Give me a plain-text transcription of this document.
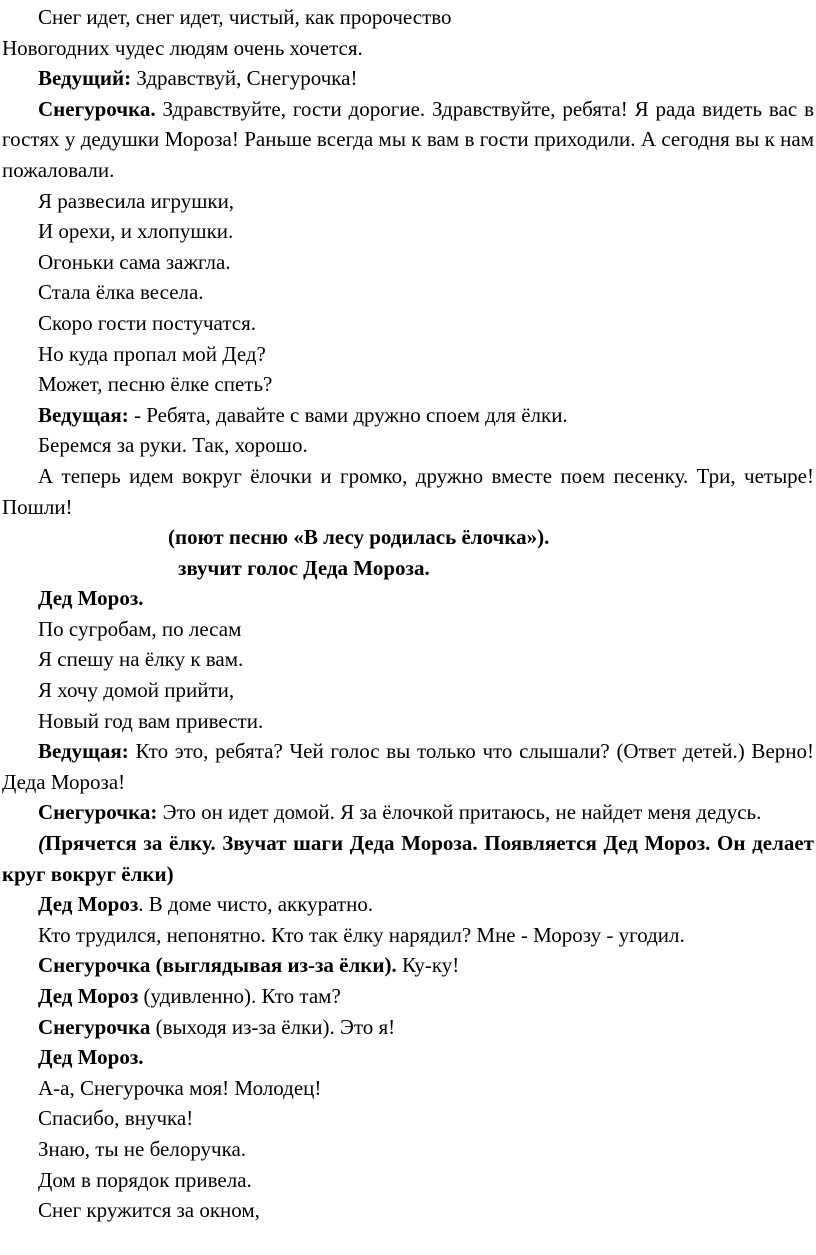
Снег идет, снег идет, чистый, как пророчество

Новогодних чудес людям очень хочется.

Ведущий: Здравствуй, Снегурочка!

Снегурочка. Здравствуйте, гости дорогие. Здравствуйте, ребята! Я рада видеть вас в гостях у дедушки Мороза! Раньше всегда мы к вам в гости приходили. А сегодня вы к нам пожаловали.

Я развесила игрушки,

И орехи, и хлопушки.

Огоньки сама зажгла.

Стала ёлка весела.

Скоро гости постучатся.

Но куда пропал мой Дед?

Может, песню ёлке спеть?

Ведущая: - Ребята, давайте с вами дружно споем для ёлки.

Беремся за руки. Так, хорошо.

А теперь идем вокруг ёлочки и громко, дружно вместе поем песенку. Три, четыре! Пошли!

(поют песню «В лесу родилась ёлочка»).

звучит голос Деда Мороза.

Дед Мороз.

По сугробам, по лесам

Я спешу на ёлку к вам.

Я хочу домой прийти,

Новый год вам привести.

Ведущая: Кто это, ребята? Чей голос вы только что слышали? (Ответ детей.) Верно! Деда Мороза!

Снегурочка: Это он идет домой. Я за ёлочкой притаюсь, не найдет меня дедусь.

(Прячется за ёлку. Звучат шаги Деда Мороза. Появляется Дед Мороз. Он делает круг вокруг ёлки)

Дед Мороз. В доме чисто, аккуратно.

Кто трудился, непонятно. Кто так ёлку нарядил? Мне - Морозу - угодил.

Снегурочка (выглядывая из-за ёлки). Ку-ку!

Дед Мороз (удивленно). Кто там?

Снегурочка (выходя из-за ёлки). Это я!

Дед Мороз.

А-а, Снегурочка моя! Молодец!

Спасибо, внучка!

Знаю, ты не белоручка.

Дом в порядок привела.

Снег кружится за окном,
